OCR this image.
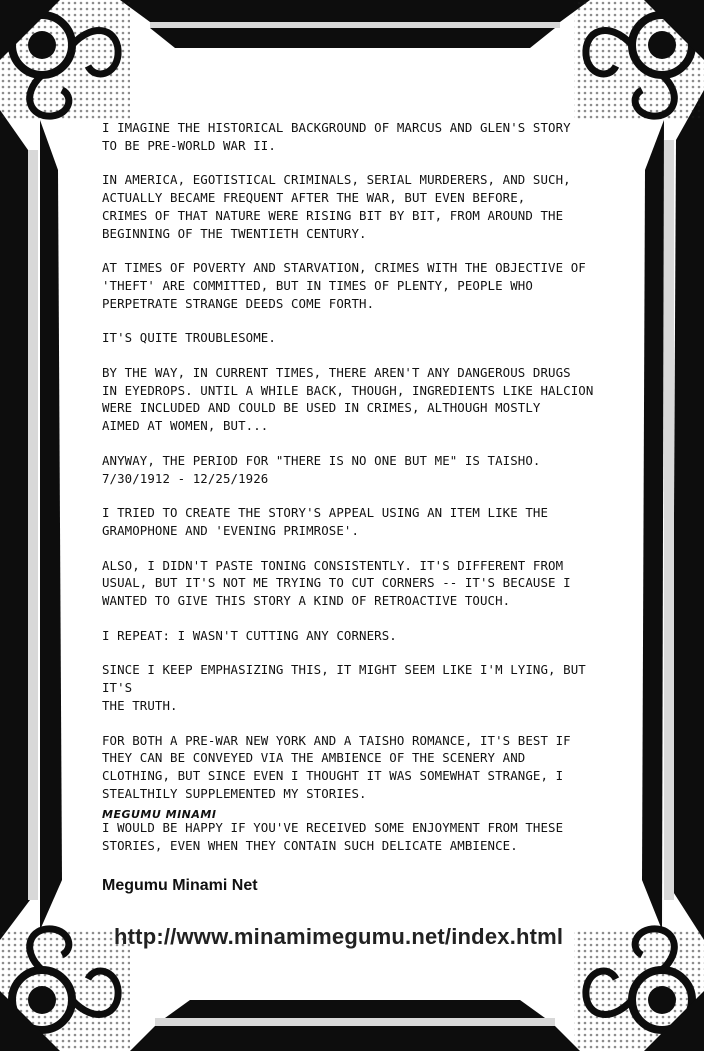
I IMAGINE THE HISTORICAL BACKGROUND OF MARCUS AND GLEN'S STORY
TO BE PRE-WORLD WAR II.

IN AMERICA, EGOTISTICAL CRIMINALS, SERIAL MURDERERS, AND SUCH,
ACTUALLY BECAME FREQUENT AFTER THE WAR, BUT EVEN BEFORE,
CRIMES OF THAT NATURE WERE RISING BIT BY BIT, FROM AROUND THE
BEGINNING OF THE TWENTIETH CENTURY.

AT TIMES OF POVERTY AND STARVATION, CRIMES WITH THE OBJECTIVE OF
'THEFT' ARE COMMITTED, BUT IN TIMES OF PLENTY, PEOPLE WHO
PERPETRATE STRANGE DEEDS COME FORTH.

IT'S QUITE TROUBLESOME.

BY THE WAY, IN CURRENT TIMES, THERE AREN'T ANY DANGEROUS DRUGS
IN EYEDROPS. UNTIL A WHILE BACK, THOUGH, INGREDIENTS LIKE HALCION
WERE INCLUDED AND COULD BE USED IN CRIMES, ALTHOUGH MOSTLY
AIMED AT WOMEN, BUT...

ANYWAY, THE PERIOD FOR "THERE IS NO ONE BUT ME" IS TAISHO.
7/30/1912 - 12/25/1926

I TRIED TO CREATE THE STORY'S APPEAL USING AN ITEM LIKE THE
GRAMOPHONE AND 'EVENING PRIMROSE'.

ALSO, I DIDN'T PASTE TONING CONSISTENTLY. IT'S DIFFERENT FROM
USUAL, BUT IT'S NOT ME TRYING TO CUT CORNERS -- IT'S BECAUSE I
WANTED TO GIVE THIS STORY A KIND OF RETROACTIVE TOUCH.

I REPEAT: I WASN'T CUTTING ANY CORNERS.

SINCE I KEEP EMPHASIZING THIS, IT MIGHT SEEM LIKE I'M LYING, BUT IT'S
THE TRUTH.

FOR BOTH A PRE-WAR NEW YORK AND A TAISHO ROMANCE, IT'S BEST IF
THEY CAN BE CONVEYED VIA THE AMBIENCE OF THE SCENERY AND
CLOTHING, BUT SINCE EVEN I THOUGHT IT WAS SOMEWHAT STRANGE, I
STEALTHILY SUPPLEMENTED MY STORIES.

I WOULD BE HAPPY IF YOU'VE RECEIVED SOME ENJOYMENT FROM THESE
STORIES, EVEN WHEN THEY CONTAIN SUCH DELICATE AMBIENCE.

MEGUMU MINAMI
Megumu Minami Net
http://www.minamimegumu.net/index.html
